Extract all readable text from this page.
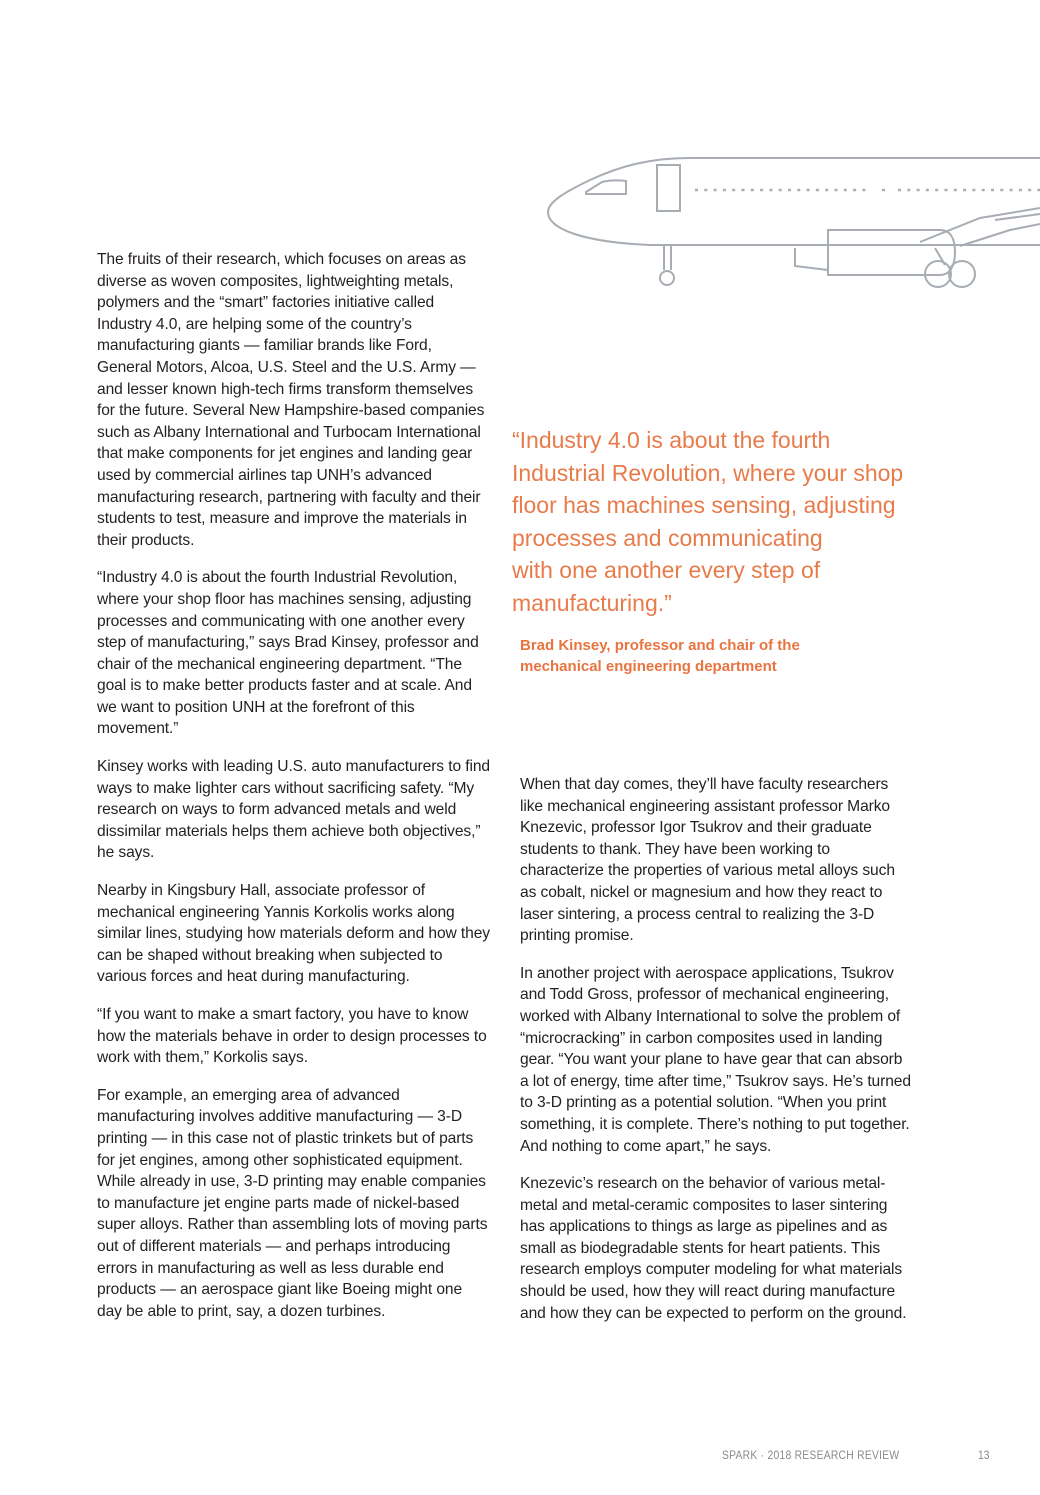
The fruits of their research, which focuses on areas as diverse as woven composites, lightweighting metals, polymers and the “smart” factories initiative called Industry 4.0, are helping some of the country’s manufacturing giants — familiar brands like Ford, General Motors, Alcoa, U.S. Steel and the U.S. Army — and lesser known high-tech firms transform themselves for the future. Several New Hampshire-based companies such as Albany International and Turbocam International that make components for jet engines and landing gear used by commercial airlines tap UNH’s advanced manufacturing research, partnering with faculty and their students to test, measure and improve the materials in their products.

“Industry 4.0 is about the fourth Industrial Revolution, where your shop floor has machines sensing, adjusting processes and communicating with one another every step of manufacturing,” says Brad Kinsey, professor and chair of the mechanical engineering department. “The goal is to make better products faster and at scale. And we want to position UNH at the forefront of this movement.”

Kinsey works with leading U.S. auto manufacturers to find ways to make lighter cars without sacrificing safety. “My research on ways to form advanced metals and weld dissimilar materials helps them achieve both objectives,” he says.

Nearby in Kingsbury Hall, associate professor of mechanical engineering Yannis Korkolis works along similar lines, studying how materials deform and how they can be shaped without breaking when subjected to various forces and heat during manufacturing.

“If you want to make a smart factory, you have to know how the materials behave in order to design processes to work with them,” Korkolis says.

For example, an emerging area of advanced manufacturing involves additive manufacturing — 3-D printing — in this case not of plastic trinkets but of parts for jet engines, among other sophisticated equipment. While already in use, 3-D printing may enable companies to manufacture jet engine parts made of nickel-based super alloys. Rather than assembling lots of moving parts out of different materials — and perhaps introducing errors in manufacturing as well as less durable end products — an aerospace giant like Boeing might one day be able to print, say, a dozen turbines.

“Industry 4.0 is about the fourth
Industrial Revolution, where your shop
floor has machines sensing, adjusting
processes and communicating
with one another every step of
manufacturing.”

Brad Kinsey, professor and chair of the mechanical engineering department

When that day comes, they’ll have faculty researchers like mechanical engineering assistant professor Marko Knezevic, professor Igor Tsukrov and their graduate students to thank. They have been working to characterize the properties of various metal alloys such as cobalt, nickel or magnesium and how they react to laser sintering, a process central to realizing the 3-D printing promise.

In another project with aerospace applications, Tsukrov and Todd Gross, professor of mechanical engineering, worked with Albany International to solve the problem of “microcracking” in carbon composites used in landing gear. “You want your plane to have gear that can absorb a lot of energy, time after time,” Tsukrov says. He’s turned to 3-D printing as a potential solution. “When you print something, it is complete. There’s nothing to put together. And nothing to come apart,” he says.

Knezevic’s research on the behavior of various metal-metal and metal-ceramic composites to laser sintering has applications to things as large as pipelines and as small as biodegradable stents for heart patients. This research employs computer modeling for what materials should be used, how they will react during manufacture and how they can be expected to perform on the ground.

SPARK · 2018 RESEARCH REVIEW	13
